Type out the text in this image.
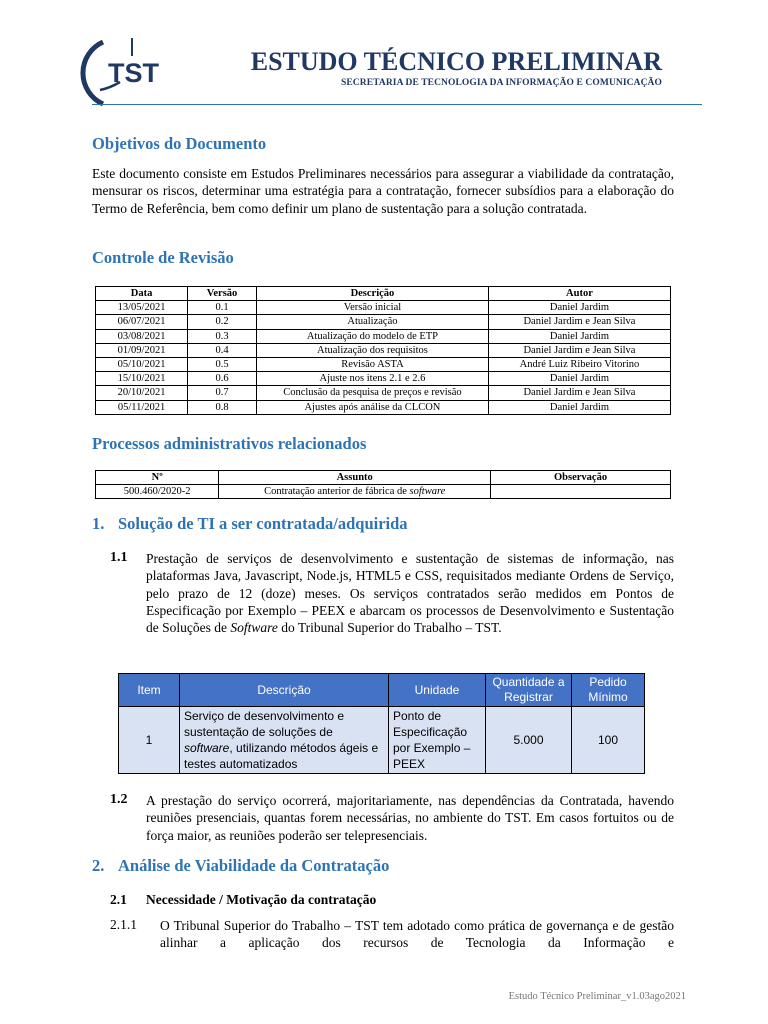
TST	ESTUDO TÉCNICO PRELIMINAR
SECRETARIA DE TECNOLOGIA DA INFORMAÇÃO E COMUNICAÇÃO
Objetivos do Documento
Este documento consiste em Estudos Preliminares necessários para assegurar a viabilidade da contratação, mensurar os riscos, determinar uma estratégia para a contratação, fornecer subsídios para a elaboração do Termo de Referência, bem como definir um plano de sustentação para a solução contratada.
Controle de Revisão
Data	Versão	Descrição	Autor
13/05/2021	0.1	Versão inicial	Daniel Jardim
06/07/2021	0.2	Atualização	Daniel Jardim e Jean Silva
03/08/2021	0.3	Atualização do modelo de ETP	Daniel Jardim
01/09/2021	0.4	Atualização dos requisitos	Daniel Jardim e Jean Silva
05/10/2021	0.5	Revisão ASTA	André Luiz Ribeiro Vitorino
15/10/2021	0.6	Ajuste nos itens 2.1 e 2.6	Daniel Jardim
20/10/2021	0.7	Conclusão da pesquisa de preços e revisão	Daniel Jardim e Jean Silva
05/11/2021	0.8	Ajustes após análise da CLCON	Daniel Jardim
Processos administrativos relacionados
Nº	Assunto	Observação
500.460/2020-2	Contratação anterior de fábrica de software	
1. Solução de TI a ser contratada/adquirida
1.1 Prestação de serviços de desenvolvimento e sustentação de sistemas de informação, nas plataformas Java, Javascript, Node.js, HTML5 e CSS, requisitados mediante Ordens de Serviço, pelo prazo de 12 (doze) meses. Os serviços contratados serão medidos em Pontos de Especificação por Exemplo – PEEX e abarcam os processos de Desenvolvimento e Sustentação de Soluções de Software do Tribunal Superior do Trabalho – TST.
Item	Descrição	Unidade	Quantidade a Registrar	Pedido Mínimo
1	Serviço de desenvolvimento e sustentação de soluções de software, utilizando métodos ágeis e testes automatizados	Ponto de Especificação por Exemplo – PEEX	5.000	100
1.2 A prestação do serviço ocorrerá, majoritariamente, nas dependências da Contratada, havendo reuniões presenciais, quantas forem necessárias, no ambiente do TST. Em casos fortuitos ou de força maior, as reuniões poderão ser telepresenciais.
2. Análise de Viabilidade da Contratação
2.1 Necessidade / Motivação da contratação
2.1.1 O Tribunal Superior do Trabalho – TST tem adotado como prática de governança e de gestão alinhar a aplicação dos recursos de Tecnologia da Informação e
Estudo Técnico Preliminar_v1.03ago2021
